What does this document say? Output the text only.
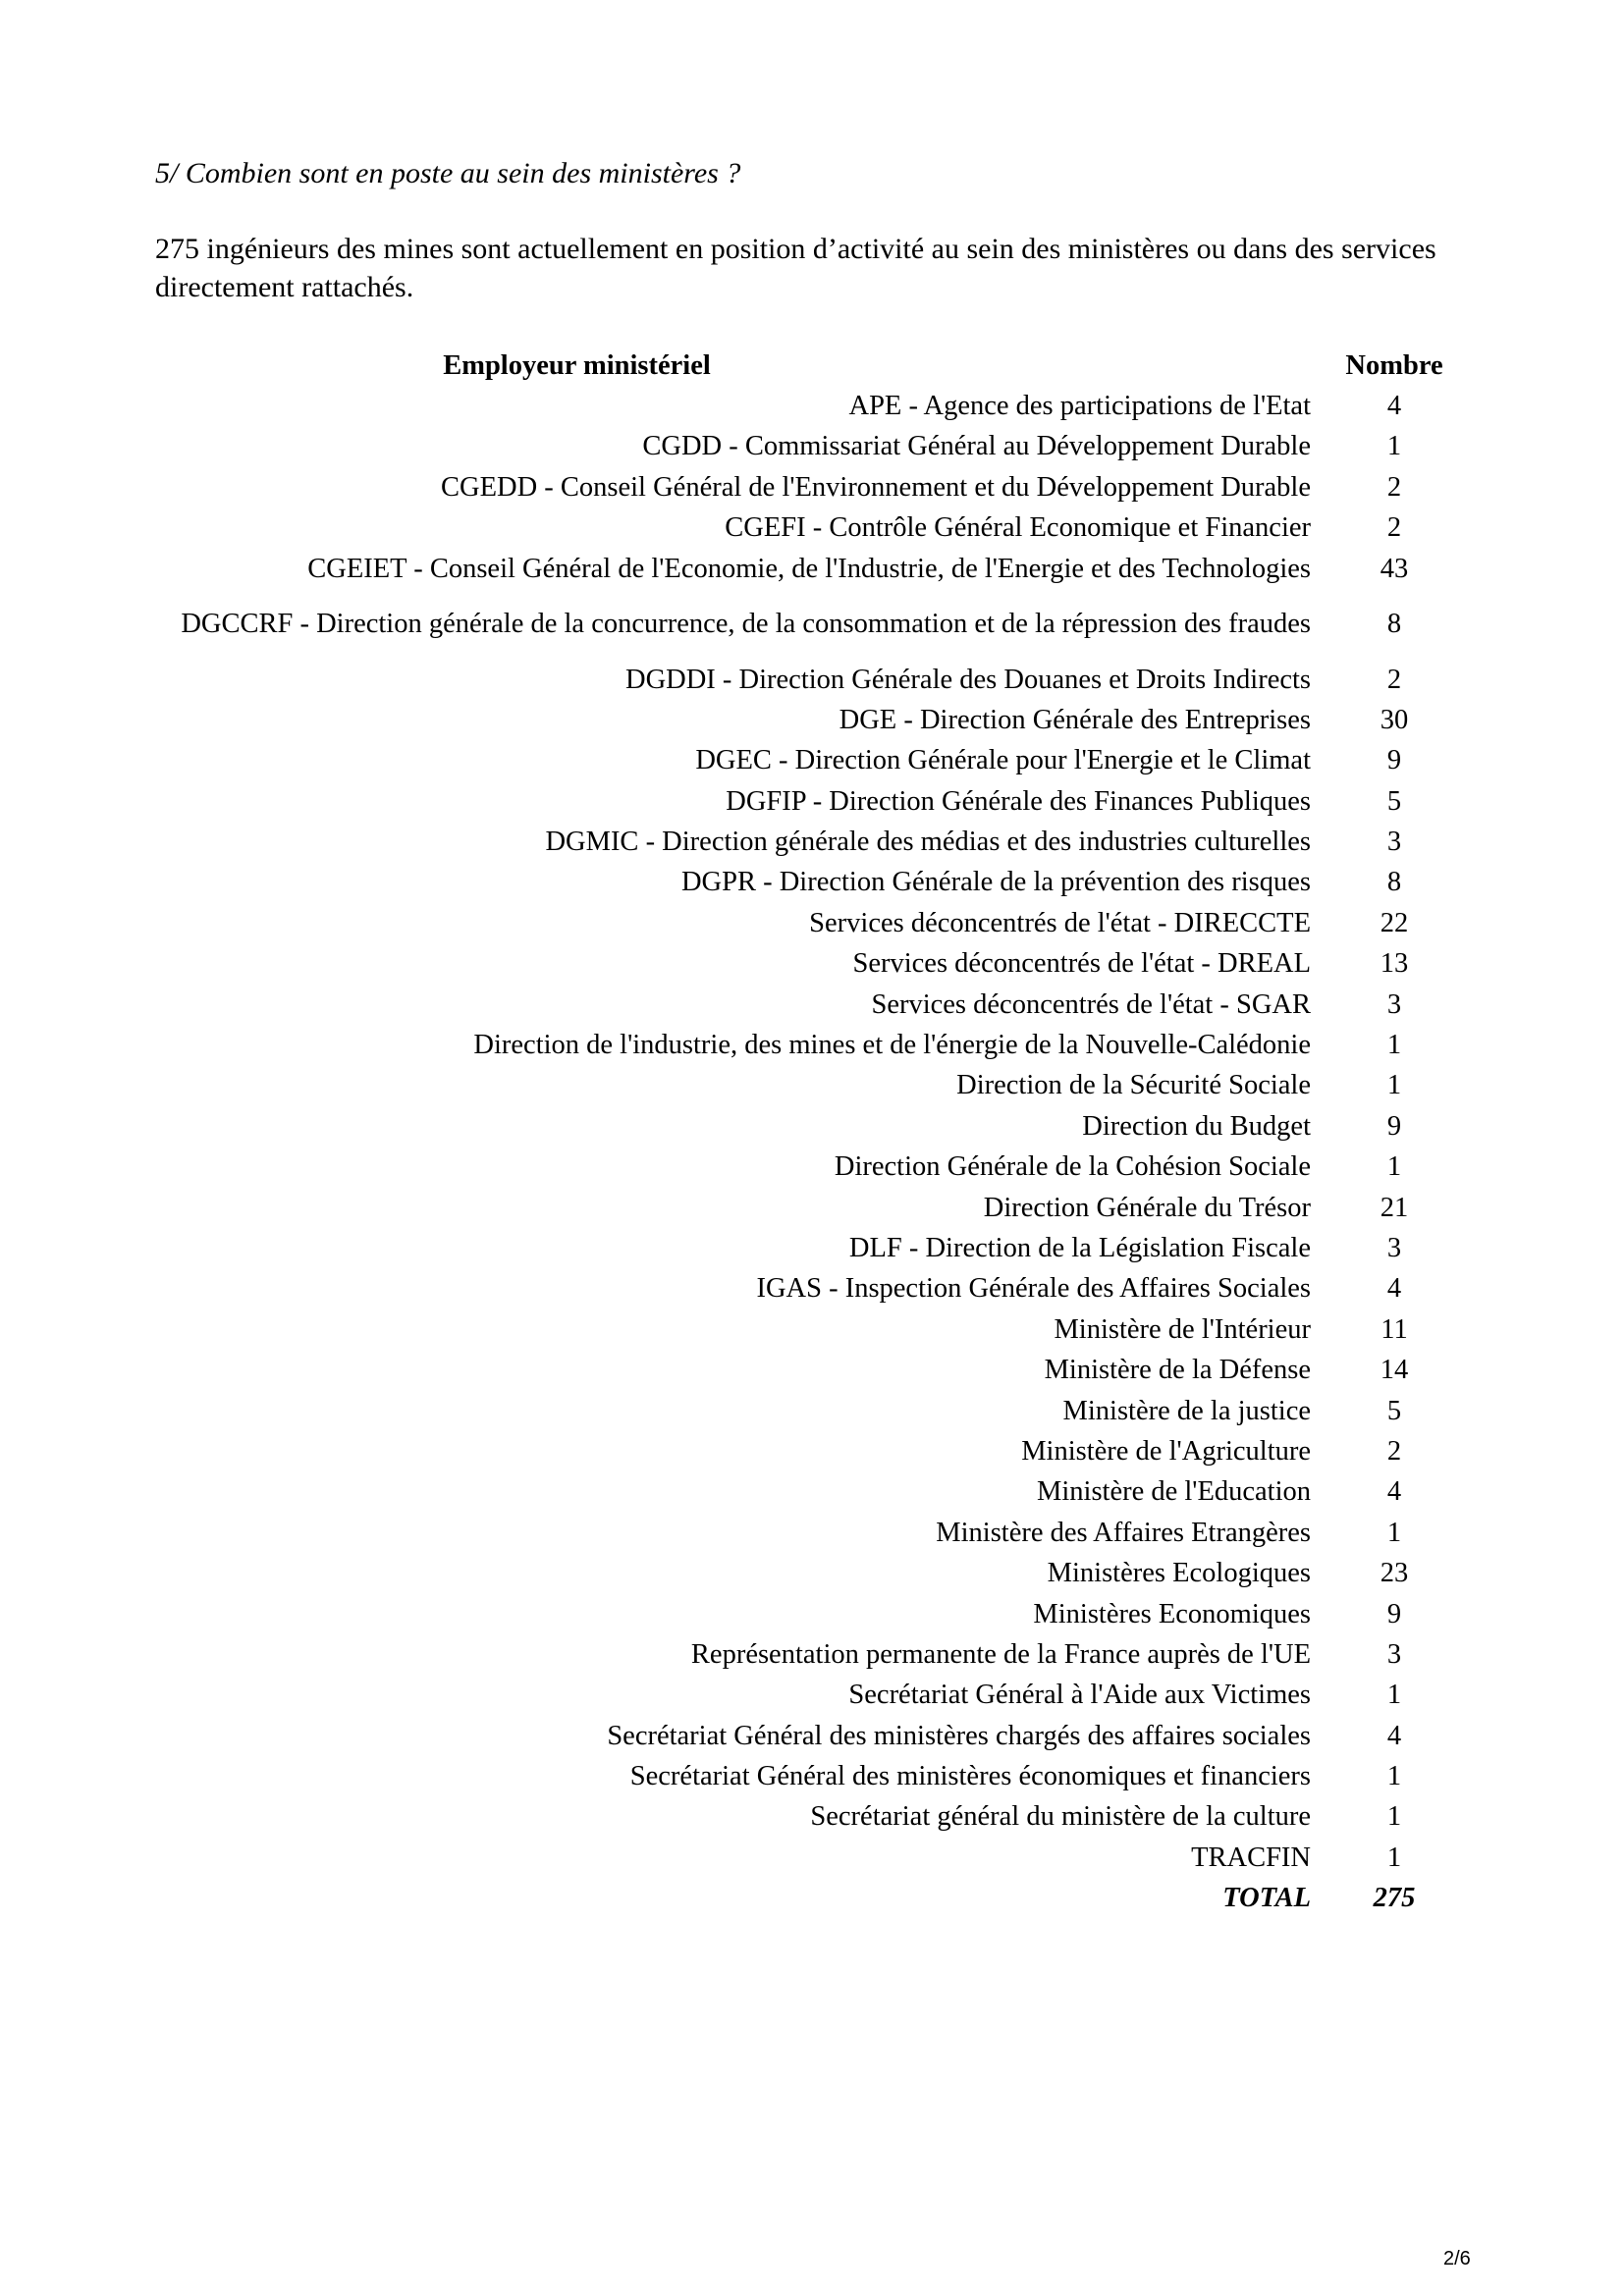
5/ Combien sont en poste au sein des ministères ?
275 ingénieurs des mines sont actuellement en position d’activité au sein des ministères ou dans des services directement rattachés.
Employeur ministériel	Nombre
APE - Agence des participations de l'Etat	4
CGDD - Commissariat Général au Développement Durable	1
CGEDD - Conseil Général de l'Environnement et du Développement Durable	2
CGEFI - Contrôle Général Economique et Financier	2
CGEIET - Conseil Général de l'Economie, de l'Industrie, de l'Energie et des Technologies	43
DGCCRF - Direction générale de la concurrence, de la consommation et de la répression des fraudes	8
DGDDI - Direction Générale des Douanes et Droits Indirects	2
DGE - Direction Générale des Entreprises	30
DGEC - Direction Générale pour l'Energie et le Climat	9
DGFIP - Direction Générale des Finances Publiques	5
DGMIC - Direction générale des médias et des industries culturelles	3
DGPR - Direction Générale de la prévention des risques	8
Services déconcentrés de l'état - DIRECCTE	22
Services déconcentrés de l'état - DREAL	13
Services déconcentrés de l'état - SGAR	3
Direction de l'industrie, des mines et de l'énergie de la Nouvelle-Calédonie	1
Direction de la Sécurité Sociale	1
Direction du Budget	9
Direction Générale de la Cohésion Sociale	1
Direction Générale du Trésor	21
DLF - Direction de la Législation Fiscale	3
IGAS - Inspection Générale des Affaires Sociales	4
Ministère de l'Intérieur	11
Ministère de la Défense	14
Ministère de la justice	5
Ministère de l'Agriculture	2
Ministère de l'Education	4
Ministère des Affaires Etrangères	1
Ministères Ecologiques	23
Ministères Economiques	9
Représentation permanente de la France auprès de l'UE	3
Secrétariat Général à l'Aide aux Victimes	1
Secrétariat Général des ministères chargés des affaires sociales	4
Secrétariat Général des ministères économiques et financiers	1
Secrétariat général du ministère de la culture	1
TRACFIN	1
TOTAL	275
2/6
